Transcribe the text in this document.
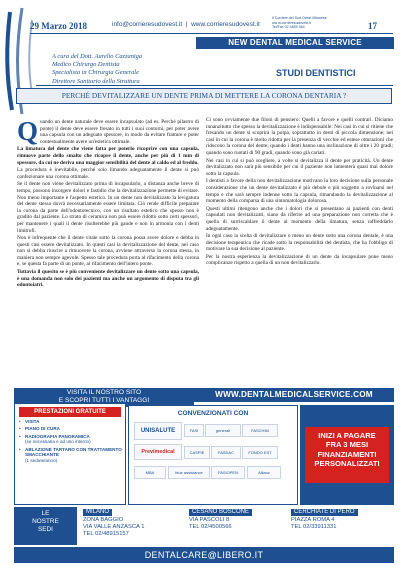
29 Marzo 2018	info@corrieresudovest.it  |  www.corrieresudovest.it
Il Corriere del Sud Ovest Milanese
ww w.corrieresudovest.it
Tel/Fax 02 4859 364	17
NEW DENTAL MEDICAL SERVICE
A cura del Dott. Aurelio Cazzaniga
Medico Chirurgo Dentista
Specialista in Chirurgia Generale
Direttore Sanitario della Struttura
STUDI DENTISTICI
PERCHÉ DEVITALIZZARE UN DENTE PRIMA DI METTERE LA CORONA DENTARIA ?
Q uando un dente naturale deve essere incapsulato (ad es. Perché pilastro di ponte) il dente deve essere fresato in tutti i suoi contorni, per poter avere una capsula con un adeguato spessore, in modo da evitare fratture e poter contestualmente avere un'estetica ottimale.

La limatura del dente che viene fatta per poterlo ricoprire con una capsula, rimuove parte dello smalto che ricopre il dente, anche per più di 1 mm di spessore, da cui ne deriva una maggior sensibilità del dente al caldo ed al freddo.

La procedura è inevitabile, perché solo limando adeguatamente il dente si può confezionare una corona ottimale.

Se il dente non viene devitalizzato prima di incapsularlo, a distanza anche breve di tempo, possono insorgere dolori e fastidio che la devitalizzazione permette di evitare. Non meno importante è l'aspetto estetico. In un dente non devitalizzato la levigatura del dente stesso dovrà necessariamente essere limitata. Ciò rende difficile preparare la corona da parte dell'odontotecnico, con un risultato estetico che spesso non è gradito dal paziente. Lo strato di ceramica non può essere ridotto sotto certi spessori, per mantenere i quali il dente risulterebbe più gande e non in armonia con i denti limitrofi.

Non è infrequente che il dente vitale sotto la corona possa avere dolore e debba in questi casi essere devitalizzato. In questi casi la devitalizzazione del dente, nel caso non si debba riuscire a rimuovere la corona, avviene attraverso la corona stessa, in maniera non sempre agevole. Spesso tale procedura porta al rifacimento della corona e, se questa fa parte di un ponte, al rifacimento dell'intero ponte.

Tuttavia il quesito se è più conveniente devitalizzare un dente sotto una capsula, è una domanda non solo dei pazienti ma anche un argomento di disputa tra gli odontoiatri.

Ci sono ovviamente due filoni di pensiero: Quelli a favore e quelli contrari. Diciamo innanzitutto che spesso la devitalizzazione è indispensabile: Nei casi in cui si ritiene che fresando un dente si scoprirà la polpa, soprattutto in denti di piccola dimensione; nei casi in cui la corona è molto ridotta per la presenza di vecchie ed estese otturazioni che riducono la corona del dente; quando i denti hanno una inclinazione di oltre i 20 gradi; quando sono ruotati di 90 gradi, quando sono già cariati.

Nei casi in cui si può scegliere, a volte si devitalizza il dente per praticità. Un dente devitalizzato non sarà più sensibile per cui il paziente non lamenterà quasi mai dolore sotto la capsula.

I dentisti a favore della non devitalizzazione motivano la loro decisione sulla personale considerazione che un dente devitalizzato è più debole e più soggetto a rovinarsi nel tempo e che sarà sempre indenne sotto la capsula, rimandando la devitalizzazione al momento della comparsa di una sintomatologia dolorosa.

Questi ultimi ritengono anche che i dolori che si presentano ai pazienti con denti capsulati non devitalizzati, siano da riferire ad una preparazione non corretta che è quella di surriscaldare il dente al momento della limatura, senza raffreddarlo adeguatamente.

In ogni caso la scelta di devitalizzare o meno un dente sotto una corona dentale, è una decisione terapeutica che ricade sotto la responsabilità del dentista, che ha l'obbligo di motivare la sua decisione al paziente.

Per la nostra esperienza la devitalizzazione di un dente da incapsulare pone meno complicanze rispetto a quella di un non devitalizzarlo.

VISITA IL NOSTRO SITO
E SCOPRI TUTTI I VANTAGGI
WWW.DENTALMEDICALSERVICE.COM
PRESTAZIONI GRATUITE
• VISITA
• PIANO DI CURA
• RADIOGRAFIA PANORAMICA
(se necessaria e ad uso interno)
• ABLAZIONE TARTARO CON TRATTAMENTO SMACCHIANTE
(1 sedute/anno)
CONVENZIONATI CON
UNISALUTE	FASI	generali	FASCHIM
Previmedical	CASPIE	FASDAC	FONDO EST
MBA	blue assistance	FASIOPEN	Allianz
INIZI A PAGARE
FRA 3 MESI
FINANZIAMENTI
PERSONALIZZATI
LE
NOSTRE
SEDI
MILANO
ZONA BAGGIO
VIA VALLE ANZASCA 1
TEL 02/48915157
CESANO BOSCONE
VIA PASCOLI 8
TEL 02/4500566
CERCHIATE DI PERO
PIAZZA ROMA 4
TEL 02/33911331
DENTALCARE@LIBERO.IT
